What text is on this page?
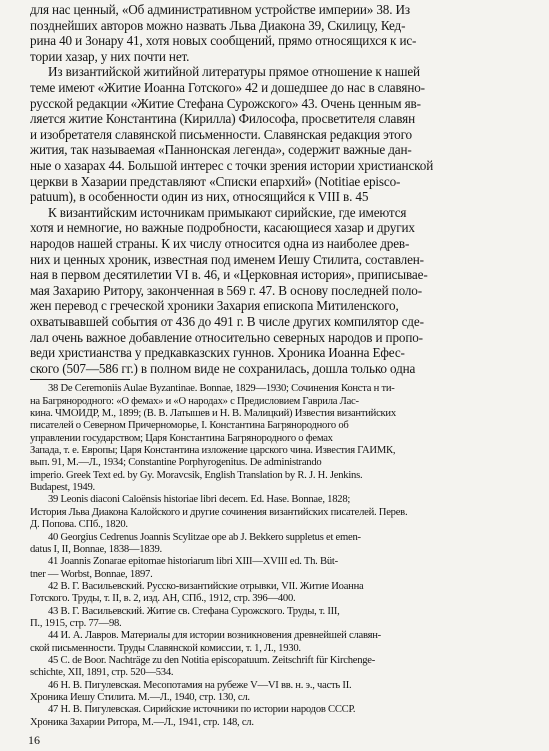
для нас ценный, «Об административном устройстве империи» 38. Из
позднейших авторов можно назвать Льва Диакона 39, Скилицу, Кед-
рина 40 и Зонару 41, хотя новых сообщений, прямо относящихся к ис-
тории хазар, у них почти нет.
Из византийской житийной литературы прямое отношение к нашей
теме имеют «Житие Иоанна Готского» 42 и дошедшее до нас в славяно-
русской редакции «Житие Стефана Сурожского» 43. Очень ценным яв-
ляется житие Константина (Кирилла) Философа, просветителя славян
и изобретателя славянской письменности. Славянская редакция этого
жития, так называемая «Паннонская легенда», содержит важные дан-
ные о хазарах 44. Большой интерес с точки зрения истории христианской
церкви в Хазарии представляют «Списки епархий» (Notitiae episco-
patuum), в особенности один из них, относящийся к VIII в. 45
К византийским источникам примыкают сирийские, где имеются
хотя и немногие, но важные подробности, касающиеся хазар и других
народов нашей страны. К их числу относится одна из наиболее древ-
них и ценных хроник, известная под именем Иешу Стилита, составлен-
ная в первом десятилетии VI в. 46, и «Церковная история», приписывае-
мая Захарию Ритору, законченная в 569 г. 47. В основу последней поло-
жен перевод с греческой хроники Захария епископа Митиленского,
охватывавшей события от 436 до 491 г. В числе других компилятор сде-
лал очень важное добавление относительно северных народов и пропо-
веди христианства у предкавказских гуннов. Хроника Иоанна Ефес-
ского (507—586 гг.) в полном виде не сохранилась, дошла только одна
38 De Ceremoniis Aulae Byzantinae. Bonnae, 1829—1930; Сочинения Конста н ти-
на Багрянородного: «О фемах» и «О народах» с Предисловием Гаврила Лас-
кина. ЧМОИДР, М., 1899; (В. В. Латышев и Н. В. Малицкий) Известия византийских
писателей о Северном Причерноморье, I. Константина Багрянородного об
управлении государством; Царя Константина Багрянородного о фемах
Запада, т. е. Европы; Царя Константина изложение царского чина. Известия ГАИМК,
вып. 91, М.—Л., 1934; Constantine Porphyrogenitus. De administrando
imperio. Greek Text ed. by Gy. Moravcsik, English Translation by R. J. H. Jenkins.
Budapest, 1949.
39 Leonis diaconi Caloënsis historiae libri decem. Ed. Hase. Bonnae, 1828;
История Льва Диакона Калойского и другие сочинения византийских писателей. Перев.
Д. Попова. СПб., 1820.
40 Georgius Cedrenus Joannis Scylitzae ope ab J. Bekkero suppletus et emen-
datus I, II, Bonnae, 1838—1839.
41 Joannis Zonarae epitomae historiarum libri XIII—XVIII ed. Th. Büt-
tner — Worbst, Bonnae, 1897.
42 В. Г. Васильевский. Русско-византийские отрывки, VII. Житие Иоанна
Готского. Труды, т. II, в. 2, изд. АН, СПб., 1912, стр. 396—400.
43 В. Г. Васильевский. Житие св. Стефана Сурожского. Труды, т. III,
П., 1915, стр. 77—98.
44 И. А. Лавров. Материалы для истории возникновения древнейшей славян-
ской письменности. Труды Славянской комиссии, т. 1, Л., 1930.
45 C. de Boor. Nachträge zu den Notitia episcopatuum. Zeitschrift für Kirchenge-
schichte, XII, 1891, стр. 520—534.
46 Н. В. Пигулевская. Месопотамия на рубеже V—VI вв. н. э., часть II.
Хроника Иешу Стилита. М.—Л., 1940, стр. 130, сл.
47 Н. В. Пигулевская. Сирийские источники по истории народов СССР.
Хроника Захарии Ритора, М.—Л., 1941, стр. 148, сл.
16
